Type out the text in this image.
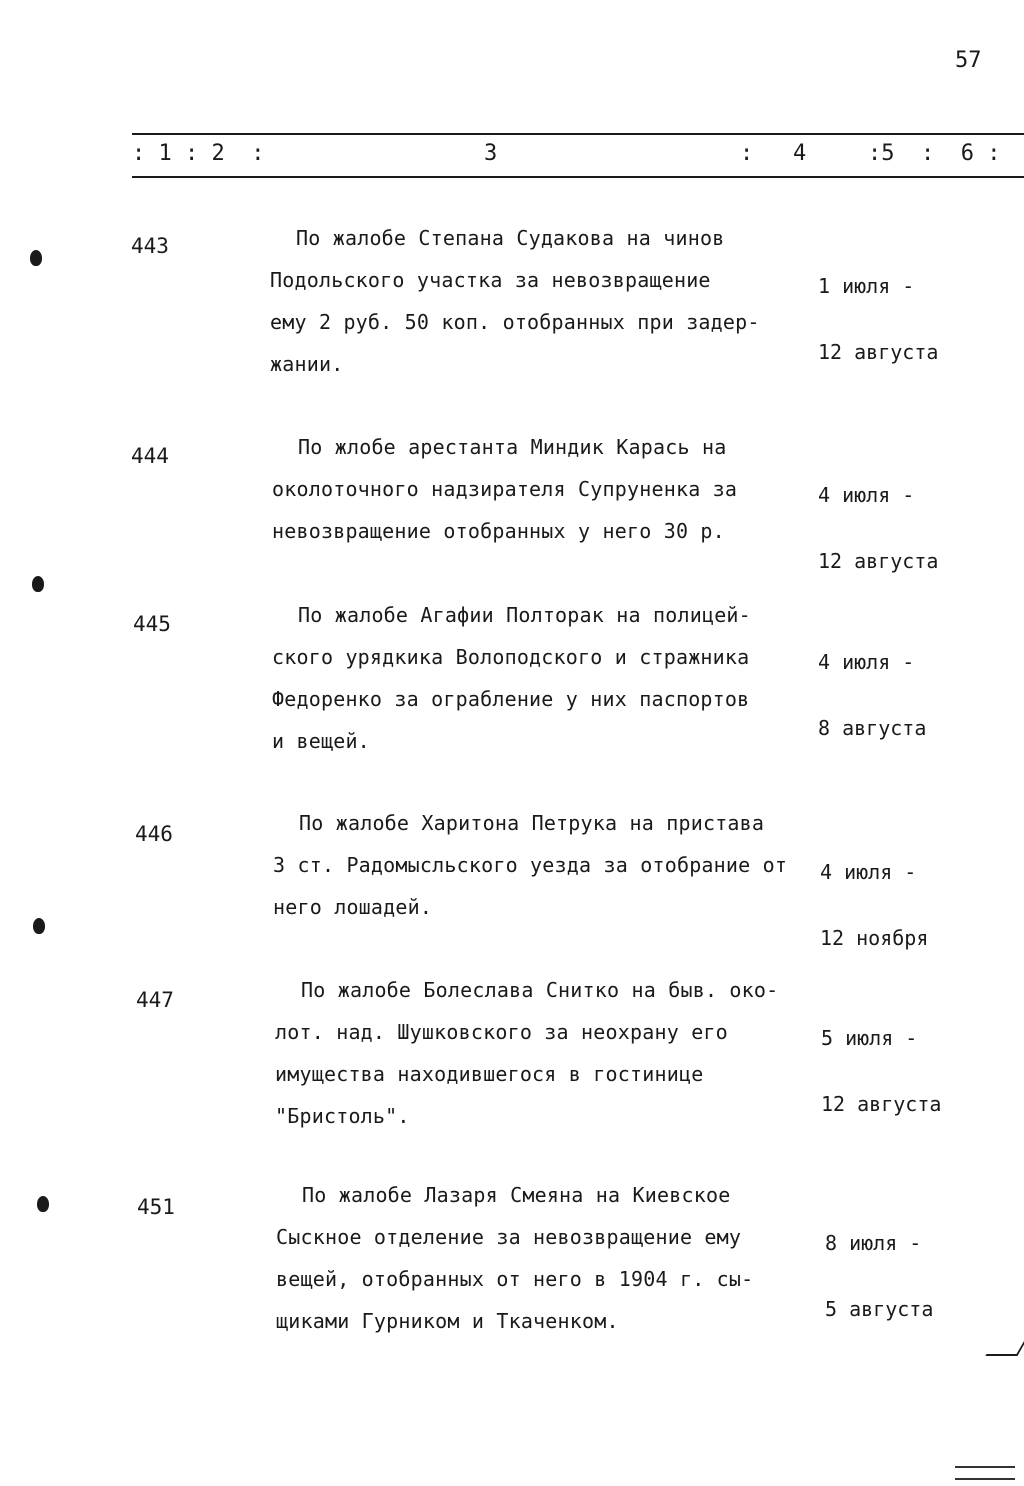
57
: 1 : 2  :	3	:   4	:5  :  6 :
443	По жалобе Степана Судакова на чинов
Подольского участка за невозвращение
ему 2 руб. 50 коп. отобранных при задер-
жании.

1 июля -

12 августа

444	По жлобе арестанта Миндик Карась на
околоточного надзирателя Супруненка за
невозвращение отобранных у него 30 р.

4 июля -

12 августа

445	По жалобе Агафии Полторак на полицей-
ского урядкика Волоподского и стражника
Федоренко за ограбление у них паспортов
и вещей.

4 июля -

8 августа

446	По жалобе Харитона Петрука на пристава
3 ст. Радомысльского уезда за отобрание от
него лошадей.

4 июля -

12 ноября

447	По жалобе Болеслава Снитко на быв. око-
лот. над. Шушковского за неохрану его
имущества находившегося в гостинице
"Бристоль".

5 июля -

12 августа

451	По жалобе Лазаря Смеяна на Киевское
Сыскное отделение за невозвращение ему
вещей, отобранных от него в 1904 г. сы-
щиками Гурником и Ткаченком.

8 июля -

5 августа
